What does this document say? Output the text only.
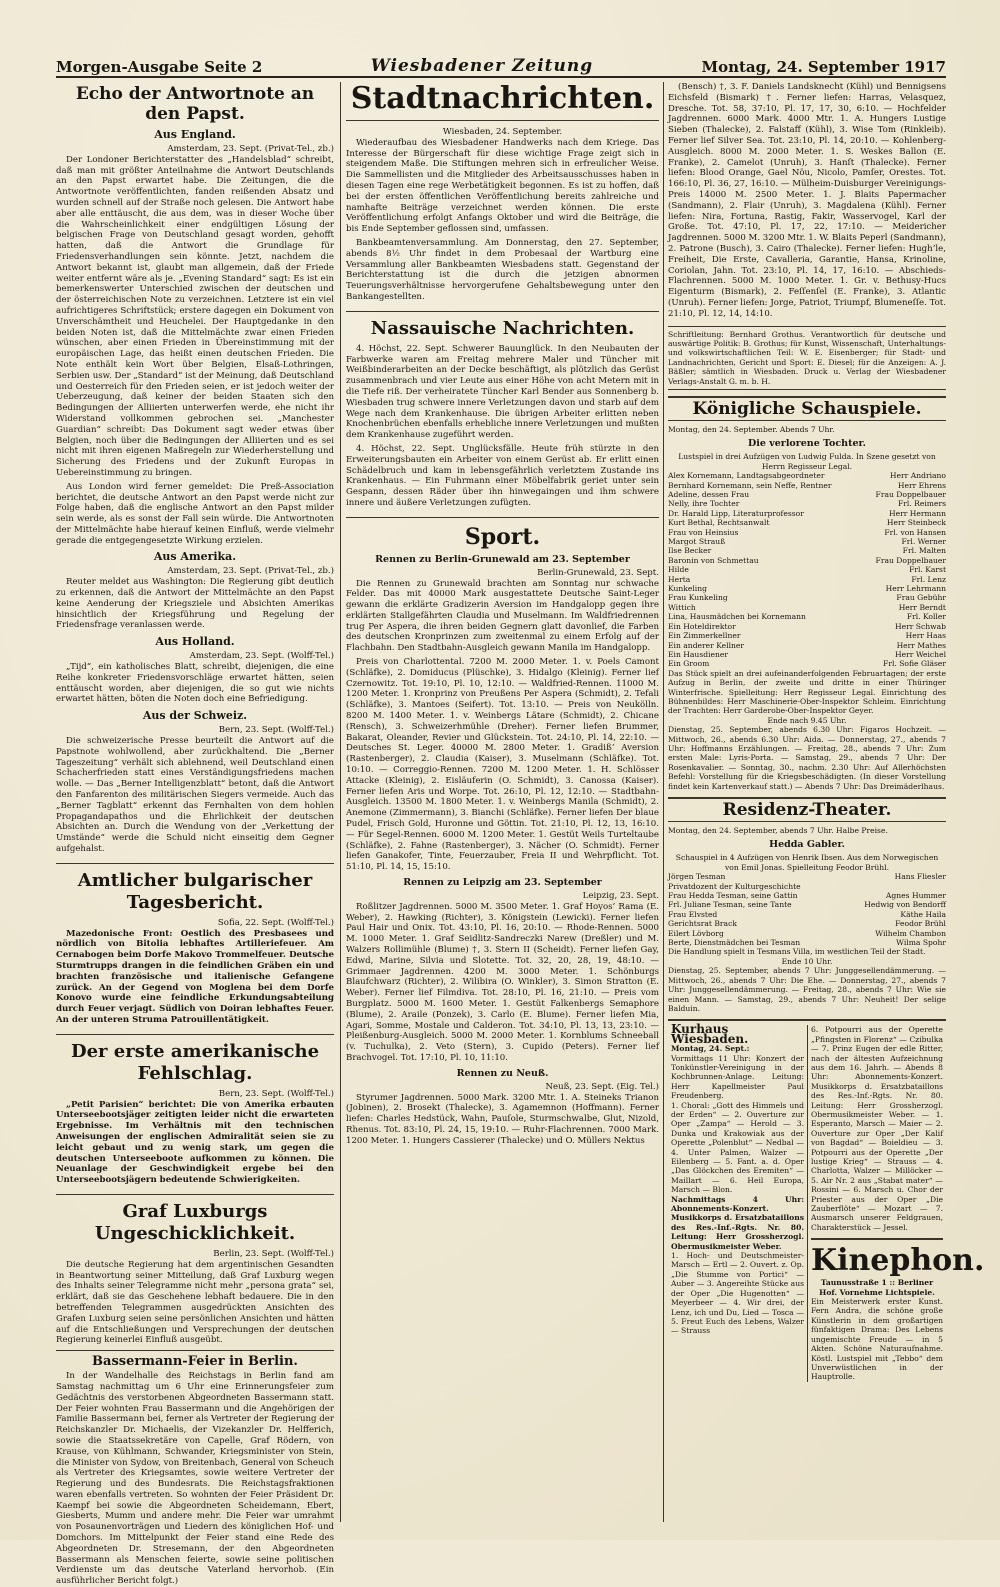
Morgen-Ausgabe Seite 2	Wiesbadener Zeitung	Montag, 24. September 1917
Echo der Antwortnote an den Papst.
Aus England.
Amsterdam, 23. Sept. (Privat-Tel., zb.)

Der Londoner Berichterstatter des „Handelsblad“ schreibt, daß man mit größter Anteilnahme die Antwort Deutschlands an den Papst erwartet habe. Die Zeitungen, die die Antwortnote veröffentlichten, fanden reißenden Absatz und wurden schnell auf der Straße noch gelesen. Die Antwort habe aber alle enttäuscht, die aus dem, was in dieser Woche über die Wahrscheinlichkeit einer endgültigen Lösung der belgischen Frage von Deutschland gesagt worden, gehofft hatten, daß die Antwort die Grundlage für Friedensverhandlungen sein könnte. Jetzt, nachdem die Antwort bekannt ist, glaubt man allgemein, daß der Friede weiter entfernt wäre als je. „Evening Standard“ sagt: Es ist ein bemerkenswerter Unterschied zwischen der deutschen und der österreichischen Note zu verzeichnen. Letztere ist ein viel aufrichtigeres Schriftstück; erstere dagegen ein Dokument von Unverschämtheit und Heuchelei. Der Hauptgedanke in den beiden Noten ist, daß die Mittelmächte zwar einen Frieden wünschen, aber einen Frieden in Übereinstimmung mit der europäischen Lage, das heißt einen deutschen Frieden. Die Note enthält kein Wort über Belgien, Elsaß-Lothringen, Serbien usw. Der „Standard“ ist der Meinung, daß Deutschland und Oesterreich für den Frieden seien, er ist jedoch weiter der Ueberzeugung, daß keiner der beiden Staaten sich den Bedingungen der Alliierten unterwerfen werde, ehe nicht ihr Widerstand vollkommen gebrochen sei. „Manchester Guardian“ schreibt: Das Dokument sagt weder etwas über Belgien, noch über die Bedingungen der Alliierten und es sei nicht mit ihren eigenen Maßregeln zur Wiederherstellung und Sicherung des Friedens und der Zukunft Europas in Uebereinstimmung zu bringen.

Aus London wird ferner gemeldet: Die Preß-Association berichtet, die deutsche Antwort an den Papst werde nicht zur Folge haben, daß die englische Antwort an den Papst milder sein werde, als es sonst der Fall sein würde. Die Antwortnoten der Mittelmächte habe hierauf keinen Einfluß, werde vielmehr gerade die entgegengesetzte Wirkung erzielen.

Aus Amerika.
Amsterdam, 23. Sept. (Privat-Tel., zb.)

Reuter meldet aus Washington: Die Regierung gibt deutlich zu erkennen, daß die Antwort der Mittelmächte an den Papst keine Aenderung der Kriegsziele und Absichten Amerikas hinsichtlich der Kriegsführung und Regelung der Friedensfrage veranlassen werde.

Aus Holland.
Amsterdam, 23. Sept. (Wolff-Tel.)

„Tijd“, ein katholisches Blatt, schreibt, diejenigen, die eine Reihe konkreter Friedensvorschläge erwartet hätten, seien enttäuscht worden, aber diejenigen, die so gut wie nichts erwartet hätten, böten die Noten doch eine Befriedigung.

Aus der Schweiz.
Bern, 23. Sept. (Wolff-Tel.)

Die schweizerische Presse beurteilt die Antwort auf die Papstnote wohlwollend, aber zurückhaltend. Die „Berner Tageszeitung“ verhält sich ablehnend, weil Deutschland einen Schacherfrieden statt eines Verständigungsfriedens machen wolle. — Das „Berner Intelligenzblatt“ betont, daß die Antwort den Fanfarenton des militärischen Siegers vermeide. Auch das „Berner Tagblatt“ erkennt das Fernhalten von dem hohlen Propagandapathos und die Ehrlichkeit der deutschen Absichten an. Durch die Wendung von der „Verkettung der Umstände“ werde die Schuld nicht einseitig dem Gegner aufgehalst.

Amtlicher bulgarischer Tagesbericht.
Sofia, 22. Sept. (Wolff-Tel.)

Mazedonische Front: Oestlich des Presbasees und nördlich von Bitolia lebhaftes Artilleriefeuer. Am Cernabogen beim Dorfe Makovo Trommelfeuer. Deutsche Sturmtrupps drangen in die feindlichen Gräben ein und brachten französische und italienische Gefangene zurück. An der Gegend von Moglena bei dem Dorfe Konovo wurde eine feindliche Erkundungsabteilung durch Feuer verjagt. Südlich von Doiran lebhaftes Feuer. An der unteren Struma Patrouillentätigkeit.

Der erste amerikanische Fehlschlag.
Bern, 23. Sept. (Wolff-Tel.)

„Petit Parisien“ berichtet: Die von Amerika erbauten Unterseebootsjäger zeitigten leider nicht die erwarteten Ergebnisse. Im Verhältnis mit den technischen Anweisungen der englischen Admiralität seien sie zu leicht gebaut und zu wenig stark, um gegen die deutschen Unterseeboote aufkommen zu können. Die Neuanlage der Geschwindigkeit ergebe bei den Unterseebootsjägern bedeutende Schwierigkeiten.

Graf Luxburgs Ungeschicklichkeit.
Berlin, 23. Sept. (Wolff-Tel.)

Die deutsche Regierung hat dem argentinischen Gesandten in Beantwortung seiner Mitteilung, daß Graf Luxburg wegen des Inhalts seiner Telegramme nicht mehr „persona grata“ sei, erklärt, daß sie das Geschehene lebhaft bedauere. Die in den betreffenden Telegrammen ausgedrückten Ansichten des Grafen Luxburg seien seine persönlichen Ansichten und hätten auf die Entschließungen und Versprechungen der deutschen Regierung keinerlei Einfluß ausgeübt.

Bassermann-Feier in Berlin.

In der Wandelhalle des Reichstags in Berlin fand am Samstag nachmittag um 6 Uhr eine Erinnerungsfeier zum Gedächtnis des verstorbenen Abgeordneten Bassermann statt. Der Feier wohnten Frau Bassermann und die Angehörigen der Familie Bassermann bei, ferner als Vertreter der Regierung der Reichskanzler Dr. Michaelis, der Vizekanzler Dr. Helfferich, sowie die Staatssekretäre von Capelle, Graf Rödern, von Krause, von Kühlmann, Schwander, Kriegsminister von Stein, die Minister von Sydow, von Breitenbach, General von Scheuch als Vertreter des Kriegsamtes, sowie weitere Vertreter der Regierung und des Bundesrats. Die Reichstagsfraktionen waren ebenfalls vertreten. So wohnten der Feier Präsident Dr. Kaempf bei sowie die Abgeordneten Scheidemann, Ebert, Giesberts, Mumm und andere mehr. Die Feier war umrahmt von Posaunenvorträgen und Liedern des königlichen Hof- und Domchors. Im Mittelpunkt der Feier stand eine Rede des Abgeordneten Dr. Stresemann, der den Abgeordneten Bassermann als Menschen feierte, sowie seine politischen Verdienste um das deutsche Vaterland hervorhob. (Ein ausführlicher Bericht folgt.)

Stadtnachrichten.
Wiesbaden, 24. September.

Wiederaufbau des Wiesbadener Handwerks nach dem Kriege. Das Interesse der Bürgerschaft für diese wichtige Frage zeigt sich in steigendem Maße. Die Stiftungen mehren sich in erfreulicher Weise. Die Sammellisten und die Mitglieder des Arbeitsausschusses haben in diesen Tagen eine rege Werbetätigkeit begonnen. Es ist zu hoffen, daß bei der ersten öffentlichen Veröffentlichung bereits zahlreiche und namhafte Beiträge verzeichnet werden können. Die erste Veröffentlichung erfolgt Anfangs Oktober und wird die Beiträge, die bis Ende September geflossen sind, umfassen.

Bankbeamtenversammlung. Am Donnerstag, den 27. September, abends 8½ Uhr findet in dem Probesaal der Wartburg eine Versammlung aller Bankbeamten Wiesbadens statt. Gegenstand der Berichterstattung ist die durch die jetzigen abnormen Teuerungsverhältnisse hervorgerufene Gehaltsbewegung unter den Bankangestellten.

Nassauische Nachrichten.

4. Höchst, 22. Sept. Schwerer Bauunglück. In den Neubauten der Farbwerke waren am Freitag mehrere Maler und Tüncher mit Weißbinderarbeiten an der Decke beschäftigt, als plötzlich das Gerüst zusammenbrach und vier Leute aus einer Höhe von acht Metern mit in die Tiefe riß. Der verheiratete Tüncher Karl Bender aus Sonnenberg b. Wiesbaden trug schwere innere Verletzungen davon und starb auf dem Wege nach dem Krankenhause. Die übrigen Arbeiter erlitten neben Knochenbrüchen ebenfalls erhebliche innere Verletzungen und mußten dem Krankenhause zugeführt werden.

4. Höchst, 22. Sept. Unglücksfälle. Heute früh stürzte in den Erweiterungsbauten ein Arbeiter von einem Gerüst ab. Er erlitt einen Schädelbruch und kam in lebensgefährlich verletztem Zustande ins Krankenhaus. — Ein Fuhrmann einer Möbelfabrik geriet unter sein Gespann, dessen Räder über ihn hinwegaingen und ihm schwere innere und äußere Verletzungen zufügten.

Sport.
Rennen zu Berlin-Grunewald am 23. September
Berlin-Grunewald, 23. Sept.

Die Rennen zu Grunewald brachten am Sonntag nur schwache Felder. Das mit 40000 Mark ausgestattete Deutsche Saint-Leger gewann die erklärte Gradizerin Aversion im Handgalopp gegen ihre erklärten Stallgefährten Claudia und Muselmann. Im Waldfriedrennen trug Per Aspera, die ihren beiden Gegnern glatt davonlief, die Farben des deutschen Kronprinzen zum zweitenmal zu einem Erfolg auf der Flachbahn. Den Stadtbahn-Ausgleich gewann Manila im Handgalopp.

Preis von Charlottental. 7200 M. 2000 Meter. 1. v. Poels Camont (Schläfke), 2. Domiducus (Plüschke), 3. Hidalgo (Kleinig). Ferner lief Czernowitz. Tot. 19:10, Pl. 10, 12:10. — Waldfried-Rennen. 11000 M. 1200 Meter. 1. Kronprinz von Preußens Per Aspera (Schmidt), 2. Tefali (Schläfke), 3. Mantoes (Seifert). Tot. 13:10. — Preis von Neukölln. 8200 M. 1400 Meter. 1. v. Weinbergs Lätare (Schmidt), 2. Chicane (Rensch), 3. Schweizerhmühle (Dreher). Ferner liefen Brummer, Bakarat, Oleander, Revier und Glückstein. Tot. 24:10, Pl. 14, 22:10. — Deutsches St. Leger. 40000 M. 2800 Meter. 1. Gradiß’ Aversion (Rastenberger), 2. Claudia (Kaiser), 3. Muselmann (Schläfke). Tot. 10:10. — Correggio-Rennen. 7200 M. 1200 Meter. 1. H. Schlösser Attacke (Kleinig), 2. Eisläuferin (O. Schmidt), 3. Canossa (Kaiser). Ferner liefen Aris und Worpe. Tot. 26:10, Pl. 12, 12:10. — Stadtbahn-Ausgleich. 13500 M. 1800 Meter. 1. v. Weinbergs Manila (Schmidt), 2. Anemone (Zimmermann), 3. Bianchi (Schläfke). Ferner liefen Der blaue Pudel, Frisch Gold, Huronne und Göttin. Tot. 21:10, Pl. 12, 13, 16:10. — Für Segel-Rennen. 6000 M. 1200 Meter. 1. Gestüt Weils Turteltaube (Schläfke), 2. Fahne (Rastenberger), 3. Nächer (O. Schmidt). Ferner liefen Ganakofer, Tinte, Feuerzauber, Freia II und Wehrpflicht. Tot. 51:10, Pl. 14, 15, 15:10.

Rennen zu Leipzig am 23. September
Leipzig, 23. Sept.

Roßlitzer Jagdrennen. 5000 M. 3500 Meter. 1. Graf Hoyos’ Rama (E. Weber), 2. Hawking (Richter), 3. Königstein (Lewicki). Ferner liefen Paul Hair und Onix. Tot. 43:10, Pl. 16, 20:10. — Rhode-Rennen. 5000 M. 1000 Meter. 1. Graf Seidlitz-Sandreczki Narew (Dreßler) und M. Walzers Rollimühle (Blume) †, 3. Stern II (Scheidt). Ferner liefen Gay, Edwd, Marine, Silvia und Slotette. Tot. 32, 20, 28, 19, 48:10. — Grimmaer Jagdrennen. 4200 M. 3000 Meter. 1. Schönburgs Blaufchwarz (Richter), 2. Wilibira (O. Winkler), 3. Simon Stratton (E. Weber). Ferner lief Filmdiva. Tot. 28:10, Pl. 16, 21:10. — Preis vom Burgplatz. 5000 M. 1600 Meter. 1. Gestüt Falkenbergs Semaphore (Blume), 2. Araile (Ponzek), 3. Carlo (E. Blume). Ferner liefen Mia, Agari, Somme, Mostale und Calderon. Tot. 34:10, Pl. 13, 13, 23:10. — Pleißenburg-Ausgleich. 5000 M. 2000 Meter. 1. Kornblums Schneeball (v. Tuchulka), 2. Veto (Stern), 3. Cupido (Peters). Ferner lief Brachvogel. Tot. 17:10, Pl. 10, 11:10.

Rennen zu Neuß.
Neuß, 23. Sept. (Eig. Tel.)

Styrumer Jagdrennen. 5000 Mark. 3200 Mtr. 1. A. Steineks Trianon (Jobinen), 2. Brosekt (Thalecke), 3. Agamemnon (Hoffmann). Ferner liefen: Charles Hedstück, Wahn, Pauſole, Sturmschwalbe, Glut, Nizold, Rhenus. Tot. 83:10, Pl. 24, 15, 19:10. — Ruhr-Flachrennen. 7000 Mark. 1200 Meter. 1. Hungers Cassierer (Thalecke) und O. Müllers Nektus

(Bensch) †, 3. F. Daniels Landsknecht (Kühl) und Bennigsens Eichsfeld (Bismark) †. Ferner liefen: Harras, Velasquez, Dresche. Tot. 58, 37:10, Pl. 17, 17, 30, 6:10. — Hochfelder Jagdrennen. 6000 Mark. 4000 Mtr. 1. A. Hungers Lustige Sieben (Thalecke), 2. Falstaff (Kühl), 3. Wise Tom (Rinkleib). Ferner lief Silver Sea. Tot. 23:10, Pl. 14, 20:10. — Kohlenberg-Ausgleich. 8000 M. 2000 Meter. 1. S. Weskes Ballon (E. Franke), 2. Camelot (Unruh), 3. Hanſt (Thalecke). Ferner liefen: Blood Orange, Gael Nöu, Nicolo, Pamſer, Orestes. Tot. 166:10, Pl. 36, 27, 16:10. — Mülheim-Duisburger Vereinigungs-Preis 14000 M. 2500 Meter. 1. J. Blaits Papermacher (Sandmann), 2. Flair (Unruh), 3. Magdalena (Kühl). Ferner liefen: Nira, Fortuna, Rastig, Fakir, Wasservogel, Karl der Große. Tot. 47:10, Pl. 17, 22, 17:10. — Meidericher Jagdrennen. 5000 M. 3200 Mtr. 1. W. Blaits Peperl (Sandmann), 2. Patrone (Busch), 3. Cairo (Thalecke). Ferner liefen: Hugh’le, Freiheit, Die Erste, Cavalleria, Garantie, Hansa, Krinoline, Coriolan, Jahn. Tot. 23:10, Pl. 14, 17, 16:10. — Abschieds-Flachrennen. 5000 M. 1000 Meter. 1. Gr. v. Bethusy-Hucs Eigenturm (Bismark), 2. Feſſenſel (E. Franke), 3. Atlantic (Unruh). Ferner liefen: Jorge, Patriot, Triumpf, Blumeneſſe. Tot. 21:10, Pl. 12, 14, 14:10.

Schriftleitung: Bernhard Grothus. Verantwortlich für deutsche und auswärtige Politik: B. Grothus; für Kunst, Wissenschaft, Unterhaltungs- und volkswirtschaftlichen Teil: W. E. Eisenberger; für Stadt- und Landnachrichten, Gericht und Sport: E. Diesel; für die Anzeigen: A. J. Bäßler; sämtlich in Wiesbaden. Druck u. Verlag der Wiesbadener Verlags-Anstalt G. m. b. H.
Königliche Schauspiele.
Montag, den 24. September. Abends 7 Uhr.
Die verlorene Tochter.
Lustspiel in drei Aufzügen von Ludwig Fulda. In Szene gesetzt von Herrn Regisseur Legal.
Alex Kornemann, Landtagsabgeordneter	Herr Andriano
Bernhard Kornemann, sein Neffe, Rentner	Herr Ehrens
Adeline, dessen Frau	Frau Doppelbauer
Nelly, ihre Tochter	Frl. Reimers
Dr. Harald Lipp, Literaturprofessor	Herr Hermann
Kurt Bethal, Rechtsanwalt	Herr Steinbeck
Frau von Heinsius	Frl. von Hansen
Margot Strauß	Frl. Werner
Ilse Becker	Frl. Malten
Baronin von Schmettau	Frau Doppelbauer
Hilde	Frl. Karst
Herta	Frl. Lenz
Kunkeling	Herr Lehrmann
Frau Kunkeling	Frau Gebühr
Wittich	Herr Berndt
Lina, Hausmädchen bei Kornemann	Frl. Koller
Ein Hoteldirektor	Herr Schwab
Ein Zimmerkellner	Herr Haas
Ein anderer Kellner	Herr Mathes
Ein Hausdiener	Herr Weichel
Ein Groom	Frl. Sofie Gläser
Das Stück spielt an drei aufeinanderfolgenden Februartagen; der erste Aufzug in Berlin, der zweite und dritte in einer Thüringer Winterfrische. Spielleitung: Herr Regisseur Legal. Einrichtung des Bühnenbildes: Herr Maschinerie-Ober-Inspektor Schleim. Einrichtung der Trachten: Herr Garderobe-Ober-Inspektor Geyer.
Ende nach 9.45 Uhr.
Dienstag, 25. September, abends 6.30 Uhr: Figaros Hochzeit. — Mittwoch, 26., abends 6.30 Uhr: Aida. — Donnerstag, 27., abends 7 Uhr: Hoffmanns Erzählungen. — Freitag, 28., abends 7 Uhr: Zum ersten Male: Lyris-Porta. — Samstag, 29., abends 7 Uhr: Der Rosenkavalier. — Sonntag, 30., nachm. 2.30 Uhr: Auf Allerhöchsten Befehl: Vorstellung für die Kriegsbeschädigten. (In dieser Vorstellung findet kein Kartenverkauf statt.) — Abends 7 Uhr: Das Dreimäderlhaus.
Residenz-Theater.
Montag, den 24. September, abends 7 Uhr. Halbe Preise.
Hedda Gabler.
Schauspiel in 4 Aufzügen von Henrik Ibsen. Aus dem Norwegischen von Emil Jonas. Spielleitung Feodor Brühl.
Jörgen Tesman	Hans Fliesler
Privatdozent der Kulturgeschichte
Frau Hedda Tesman, seine Gattin	Agnes Hummer
Frl. Juliane Tesman, seine Tante	Hedwig von Bendorff
Frau Elvsted	Käthe Haila
Gerichtsrat Brack	Feodor Brühl
Eilert Lövborg	Wilhelm Chambon
Berte, Dienstmädchen bei Tesman	Wilma Spohr
Die Handlung spielt in Tesmans Villa, im westlichen Teil der Stadt.
Ende 10 Uhr.
Dienstag, 25. September, abends 7 Uhr: Junggesellendämmerung. — Mittwoch, 26., abends 7 Uhr: Die Ehe. — Donnerstag, 27., abends 7 Uhr: Junggesellendämmerung. — Freitag, 28., abends 7 Uhr: Wie sie einen Mann. — Samstag, 29., abends 7 Uhr: Neuheit! Der selige Balduin.
Kurhaus Wiesbaden.
Montag, 24. Sept.:
Vormittags 11 Uhr: Konzert der Tonkünstler-Vereinigung in der Kochbrunnen-Anlage. Leitung: Herr Kapellmeister Paul Freudenberg.
1. Choral: „Gott des Himmels und der Erden“ — 2. Ouverture zur Oper „Zampa“ — Herold — 3. Dunka und Krakowiak aus der Operette „Polenblut“ — Nedbal — 4. Unter Palmen, Walzer — Eilenberg — 5. Fant. a. d. Oper „Das Glöckchen des Eremiten“ — Maillart — 6. Heil Europa, Marsch — Blon.
Nachmittags 4 Uhr: Abonnements-Konzert. Musikkorps d. Ersatzbataillons des Res.-Inf.-Rgts. Nr. 80. Leitung: Herr Grossherzogl. Obermusikmeister Weber.
1. Hoch- und Deutschmeister-Marsch — Ertl — 2. Ouvert. z. Op. „Die Stumme von Portici“ — Auber — 3. Angereihte Stücke aus der Oper „Die Hugenotten“ — Meyerbeer — 4. Wir drei, der Lenz, ich und Du, Lied — Tosca — 5. Freut Euch des Lebens, Walzer — Strauss
6. Potpourri aus der Operette „Pfingsten in Florenz“ — Czibulka — 7. Prinz Eugen der edle Ritter, nach der ältesten Aufzeichnung aus dem 16. Jahrh. — Abends 8 Uhr: Abonnements-Konzert. Musikkorps d. Ersatzbataillons des Res.-Inf.-Rgts. Nr. 80. Leitung: Herr Grossherzogl. Obermusikmeister Weber. — 1. Esperanto, Marsch — Maier — 2. Ouverture zur Oper „Der Kalif von Bagdad“ — Boieldieu — 3. Potpourri aus der Operette „Der lustige Krieg“ — Strauss — 4. Charlotta, Walzer — Millöcker — 5. Air Nr. 2 aus „Stabat mater“ — Rossini — 6. Marsch u. Chor der Priester aus der Oper „Die Zauberflöte“ — Mozart — 7. Ausmarsch unserer Feldgrauen, Charakterstück — Jessel.
Kinephon.
Taunusstraße 1 :: Berliner Hof. Vornehme Lichtspiele.
Ein Meisterwerk erster Kunst. Fern Andra, die schöne große Künstlerin in dem großartigen fünfaktigen Drama: Des Lebens ungemischte Freude — in 5 Akten. Schöne Naturaufnahme. Köstl. Lustspiel mit „Tebbo“ dem Unverwüstlichen in der Hauptrolle.
